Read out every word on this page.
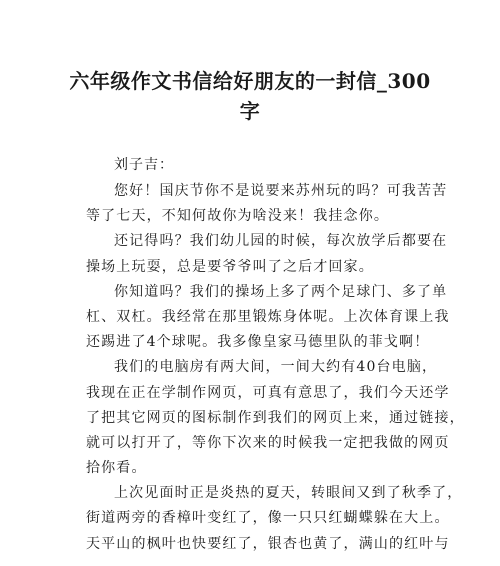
六年级作文书信给好朋友的一封信_300
字
刘子吉：
您好！国庆节你不是说要来苏州玩的吗？可我苦苦
等了七天，不知何故你为啥没来！我挂念你。
还记得吗？我们幼儿园的时候，每次放学后都要在
操场上玩耍，总是要爷爷叫了之后才回家。
你知道吗？我们的操场上多了两个足球门、多了单
杠、双杠。我经常在那里锻炼身体呢。上次体育课上我
还踢进了4个球呢。我多像皇家马德里队的菲戈啊！
我们的电脑房有两大间，一间大约有40台电脑，
我现在正在学制作网页，可真有意思了，我们今天还学
了把其它网页的图标制作到我们的网页上来，通过链接，
就可以打开了，等你下次来的时候我一定把我做的网页
拾你看。
上次见面时正是炎热的夏天，转眼间又到了秋季了，
街道两旁的香樟叶变红了，像一只只红蝴蝶躲在大上。
天平山的枫叶也快要红了，银杏也黄了，满山的红叶与
